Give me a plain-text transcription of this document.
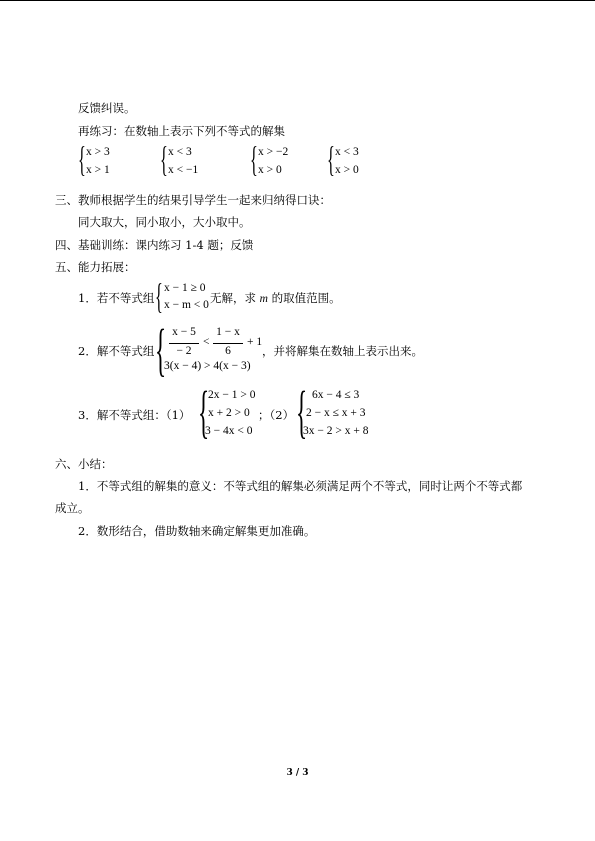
反馈纠误。
再练习：在数轴上表示下列不等式的解集
{ x > 3
x > 1 { x < 3
x < −1 { x > −2
x > 0 { x < 3
x > 0
三、教师根据学生的结果引导学生一起来归纳得口诀：
同大取大，同小取小，大小取中。
四、基础训练：课内练习 1-4 题；反馈
五、能力拓展：
1．若不等式组 { x − 1 ≥ 0
x − m < 0 无解，求 m 的取值范围。
2．解不等式组 { x − 5
− 2
<
1 − x
6
+ 1
3(x − 4) > 4(x − 3)
，并将解集在数轴上表示出来。
3．解不等式组：（1） {
2x − 1 > 0
x + 2 > 0
3 − 4x < 0
；（2） { 6x − 4 ≤ 3
2 − x ≤ x + 3
3x − 2 > x + 8
六、小结：
1．不等式组的解集的意义：不等式组的解集必须满足两个不等式，同时让两个不等式都
成立。
2．数形结合，借助数轴来确定解集更加准确。
3 / 3
